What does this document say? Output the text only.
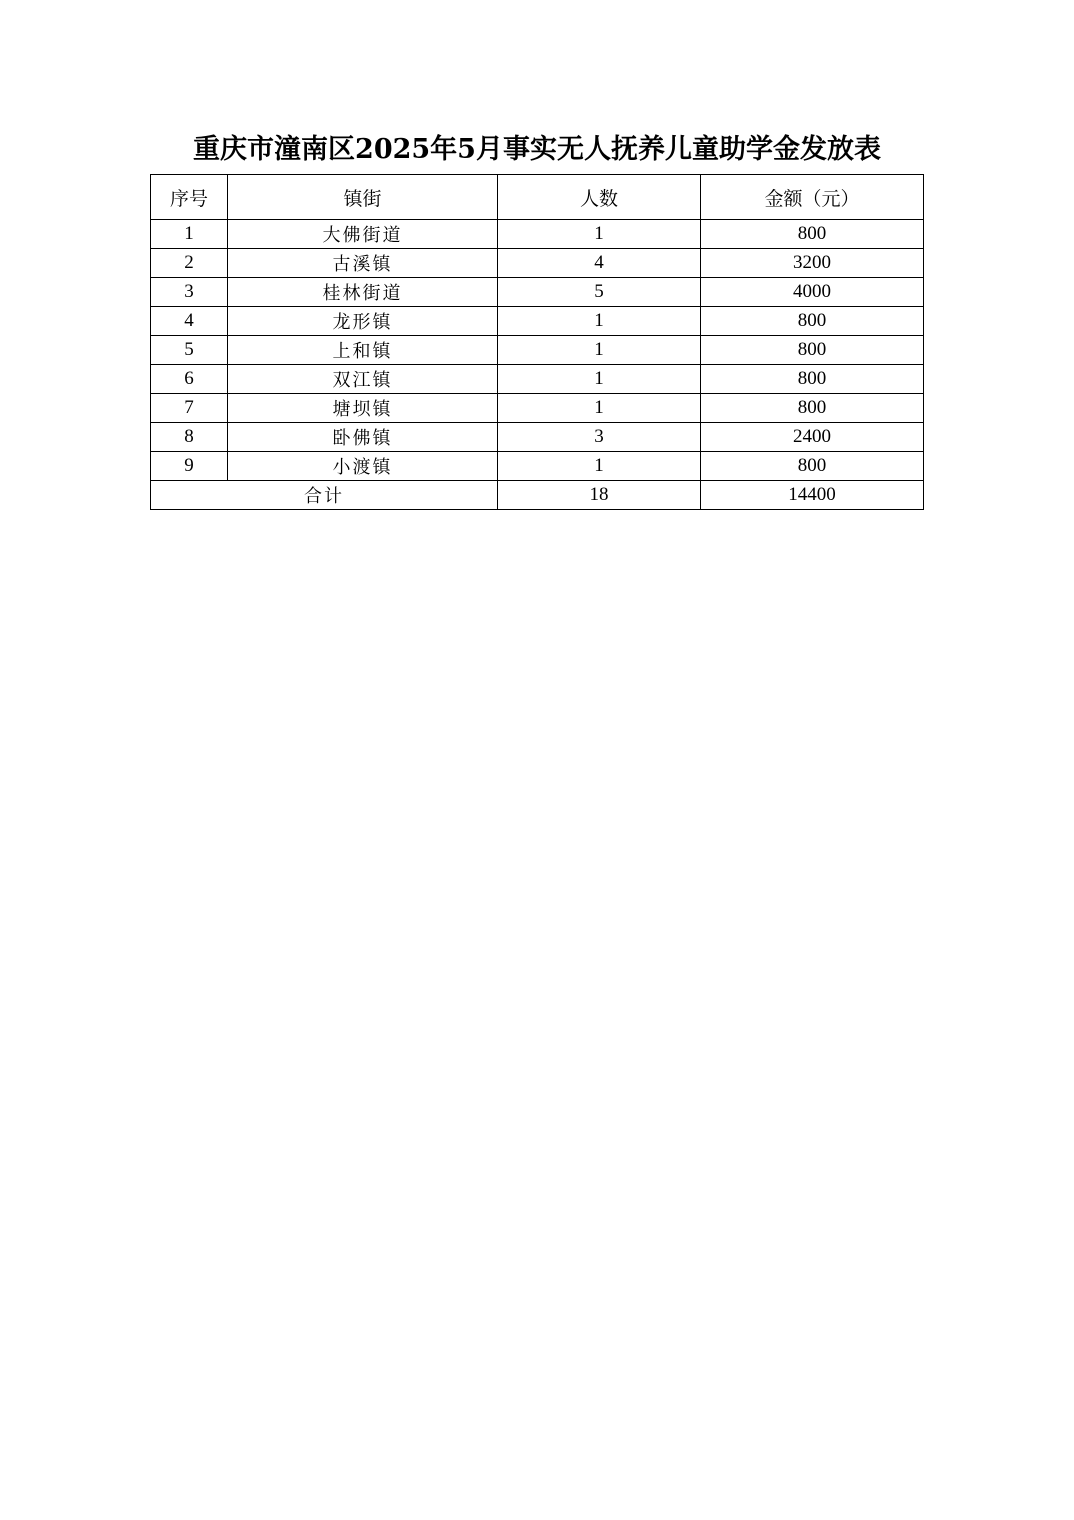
重庆市潼南区2025年5月事实无人抚养儿童助学金发放表
序号	镇街	人数	金额（元）
1	大佛街道	1	800
2	古溪镇	4	3200
3	桂林街道	5	4000
4	龙形镇	1	800
5	上和镇	1	800
6	双江镇	1	800
7	塘坝镇	1	800
8	卧佛镇	3	2400
9	小渡镇	1	800
合计		18	14400
